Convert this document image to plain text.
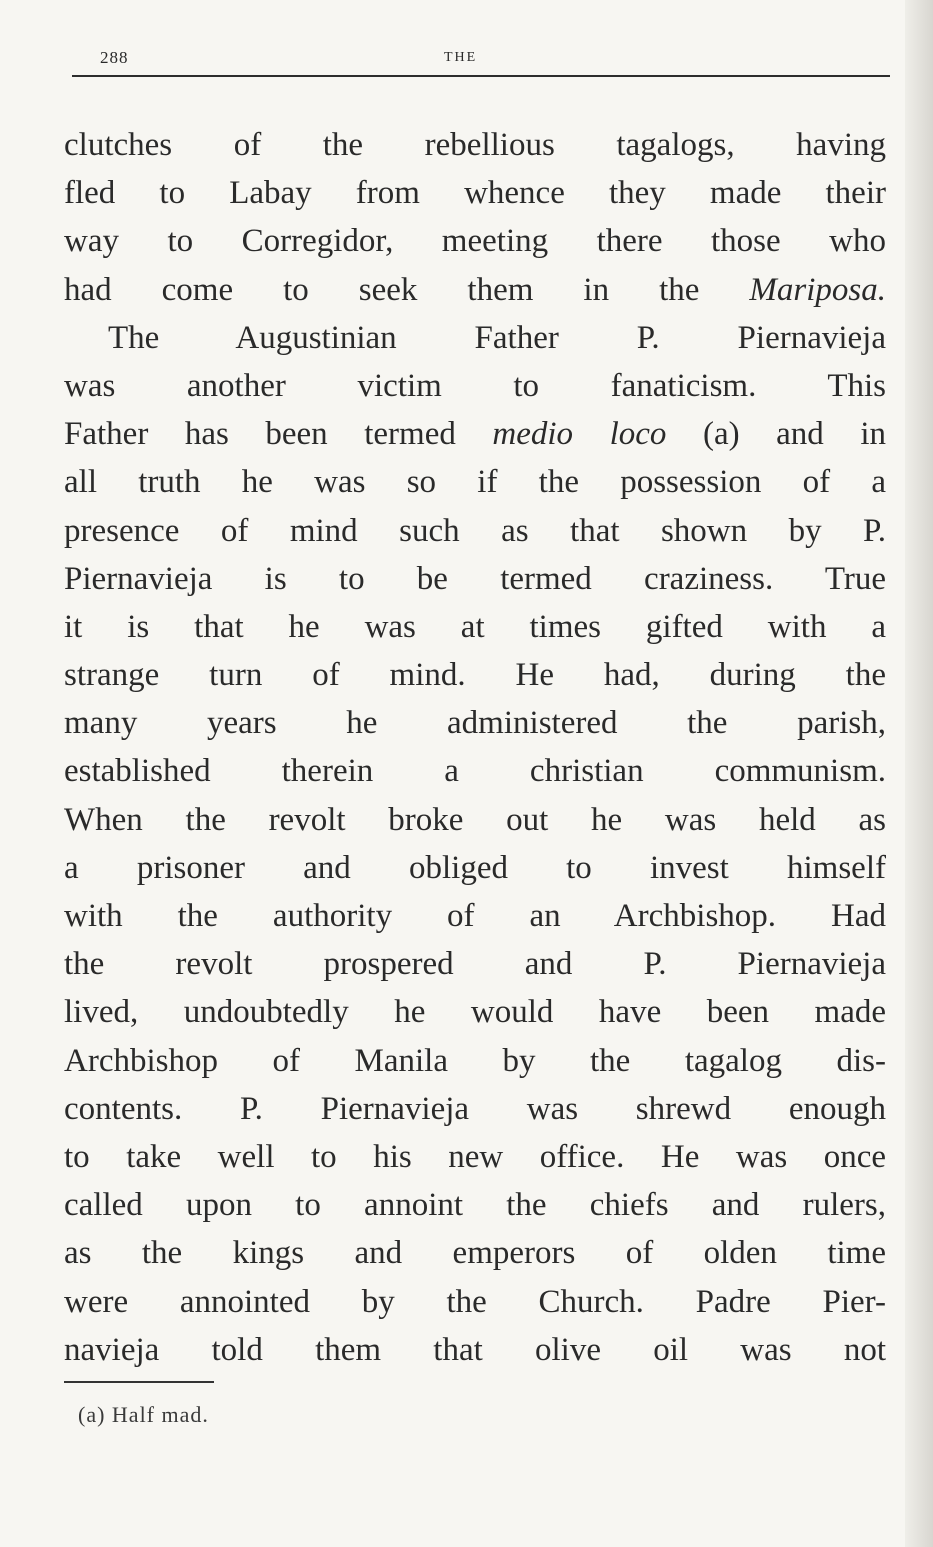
288	THE
clutches of the rebellious tagalogs, having
fled to Labay from whence they made their
way to Corregidor, meeting there those who
had come to seek them in the Mariposa.
The Augustinian Father P. Piernavieja
was another victim to fanaticism. This
Father has been termed medio loco (a) and in
all truth he was so if the possession of a
presence of mind such as that shown by P.
Piernavieja is to be termed craziness. True
it is that he was at times gifted with a
strange turn of mind. He had, during the
many years he administered the parish,
established therein a christian communism.
When the revolt broke out he was held as
a prisoner and obliged to invest himself
with the authority of an Archbishop. Had
the revolt prospered and P. Piernavieja
lived, undoubtedly he would have been made
Archbishop of Manila by the tagalog dis-
contents. P. Piernavieja was shrewd enough
to take well to his new office. He was once
called upon to annoint the chiefs and rulers,
as the kings and emperors of olden time
were annointed by the Church. Padre Pier-
navieja told them that olive oil was not
(a) Half mad.
